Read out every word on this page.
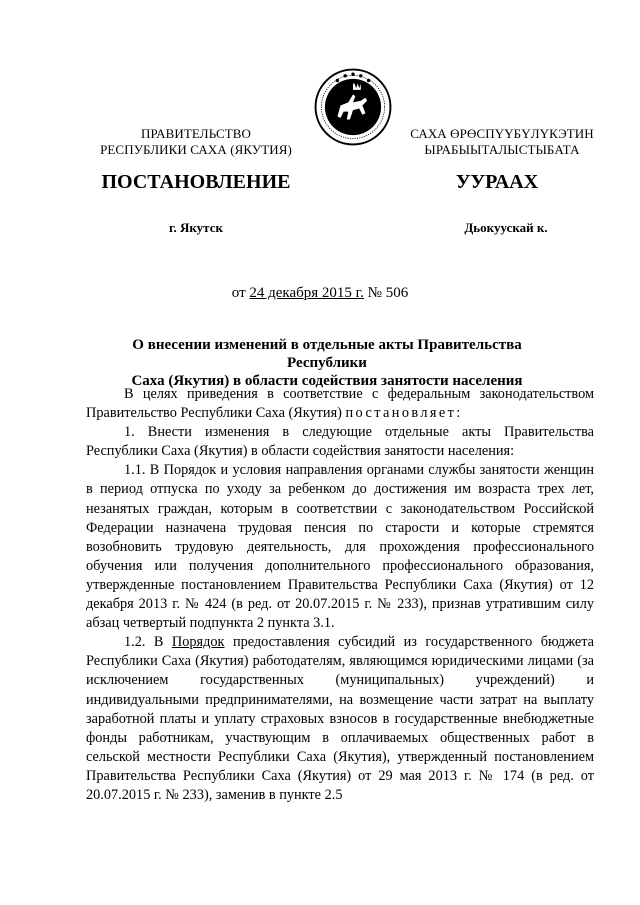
ПРАВИТЕЛЬСТВО
РЕСПУБЛИКИ САХА (ЯКУТИЯ)
САХА ӨРӨСПҮҮБҮЛҮКЭТИН
ЫРАБЫЫТАЛЫСТЫБАТА
ПОСТАНОВЛЕНИЕ	УУРААХ
г. Якутск	Дьокуускай к.
от 24 декабря 2015 г. № 506
О внесении изменений в отдельные акты Правительства Республики
Саха (Якутия) в области содействия занятости населения

В целях приведения в соответствие с федеральным законодательством Правительство Республики Саха (Якутия) постановляет:

1. Внести изменения в следующие отдельные акты Правительства Республики Саха (Якутия) в области содействия занятости населения:

1.1. В Порядок и условия направления органами службы занятости женщин в период отпуска по уходу за ребенком до достижения им возраста трех лет, незанятых граждан, которым в соответствии с законодательством Российской Федерации назначена трудовая пенсия по старости и которые стремятся возобновить трудовую деятельность, для прохождения профессионального обучения или получения дополнительного профессионального образования, утвержденные постановлением Правительства Республики Саха (Якутия) от 12 декабря 2013 г. № 424 (в ред. от 20.07.2015 г. № 233), признав утратившим силу абзац четвертый подпункта 2 пункта 3.1.

1.2. В Порядок предоставления субсидий из государственного бюджета Республики Саха (Якутия) работодателям, являющимся юридическими лицами (за исключением государственных (муниципальных) учреждений) и индивидуальными предпринимателями, на возмещение части затрат на выплату заработной платы и уплату страховых взносов в государственные внебюджетные фонды работникам, участвующим в оплачиваемых общественных работ в сельской местности Республики Саха (Якутия), утвержденный постановлением Правительства Республики Саха (Якутия) от 29 мая 2013 г. № 174 (в ред. от 20.07.2015 г. № 233), заменив в пункте 2.5
